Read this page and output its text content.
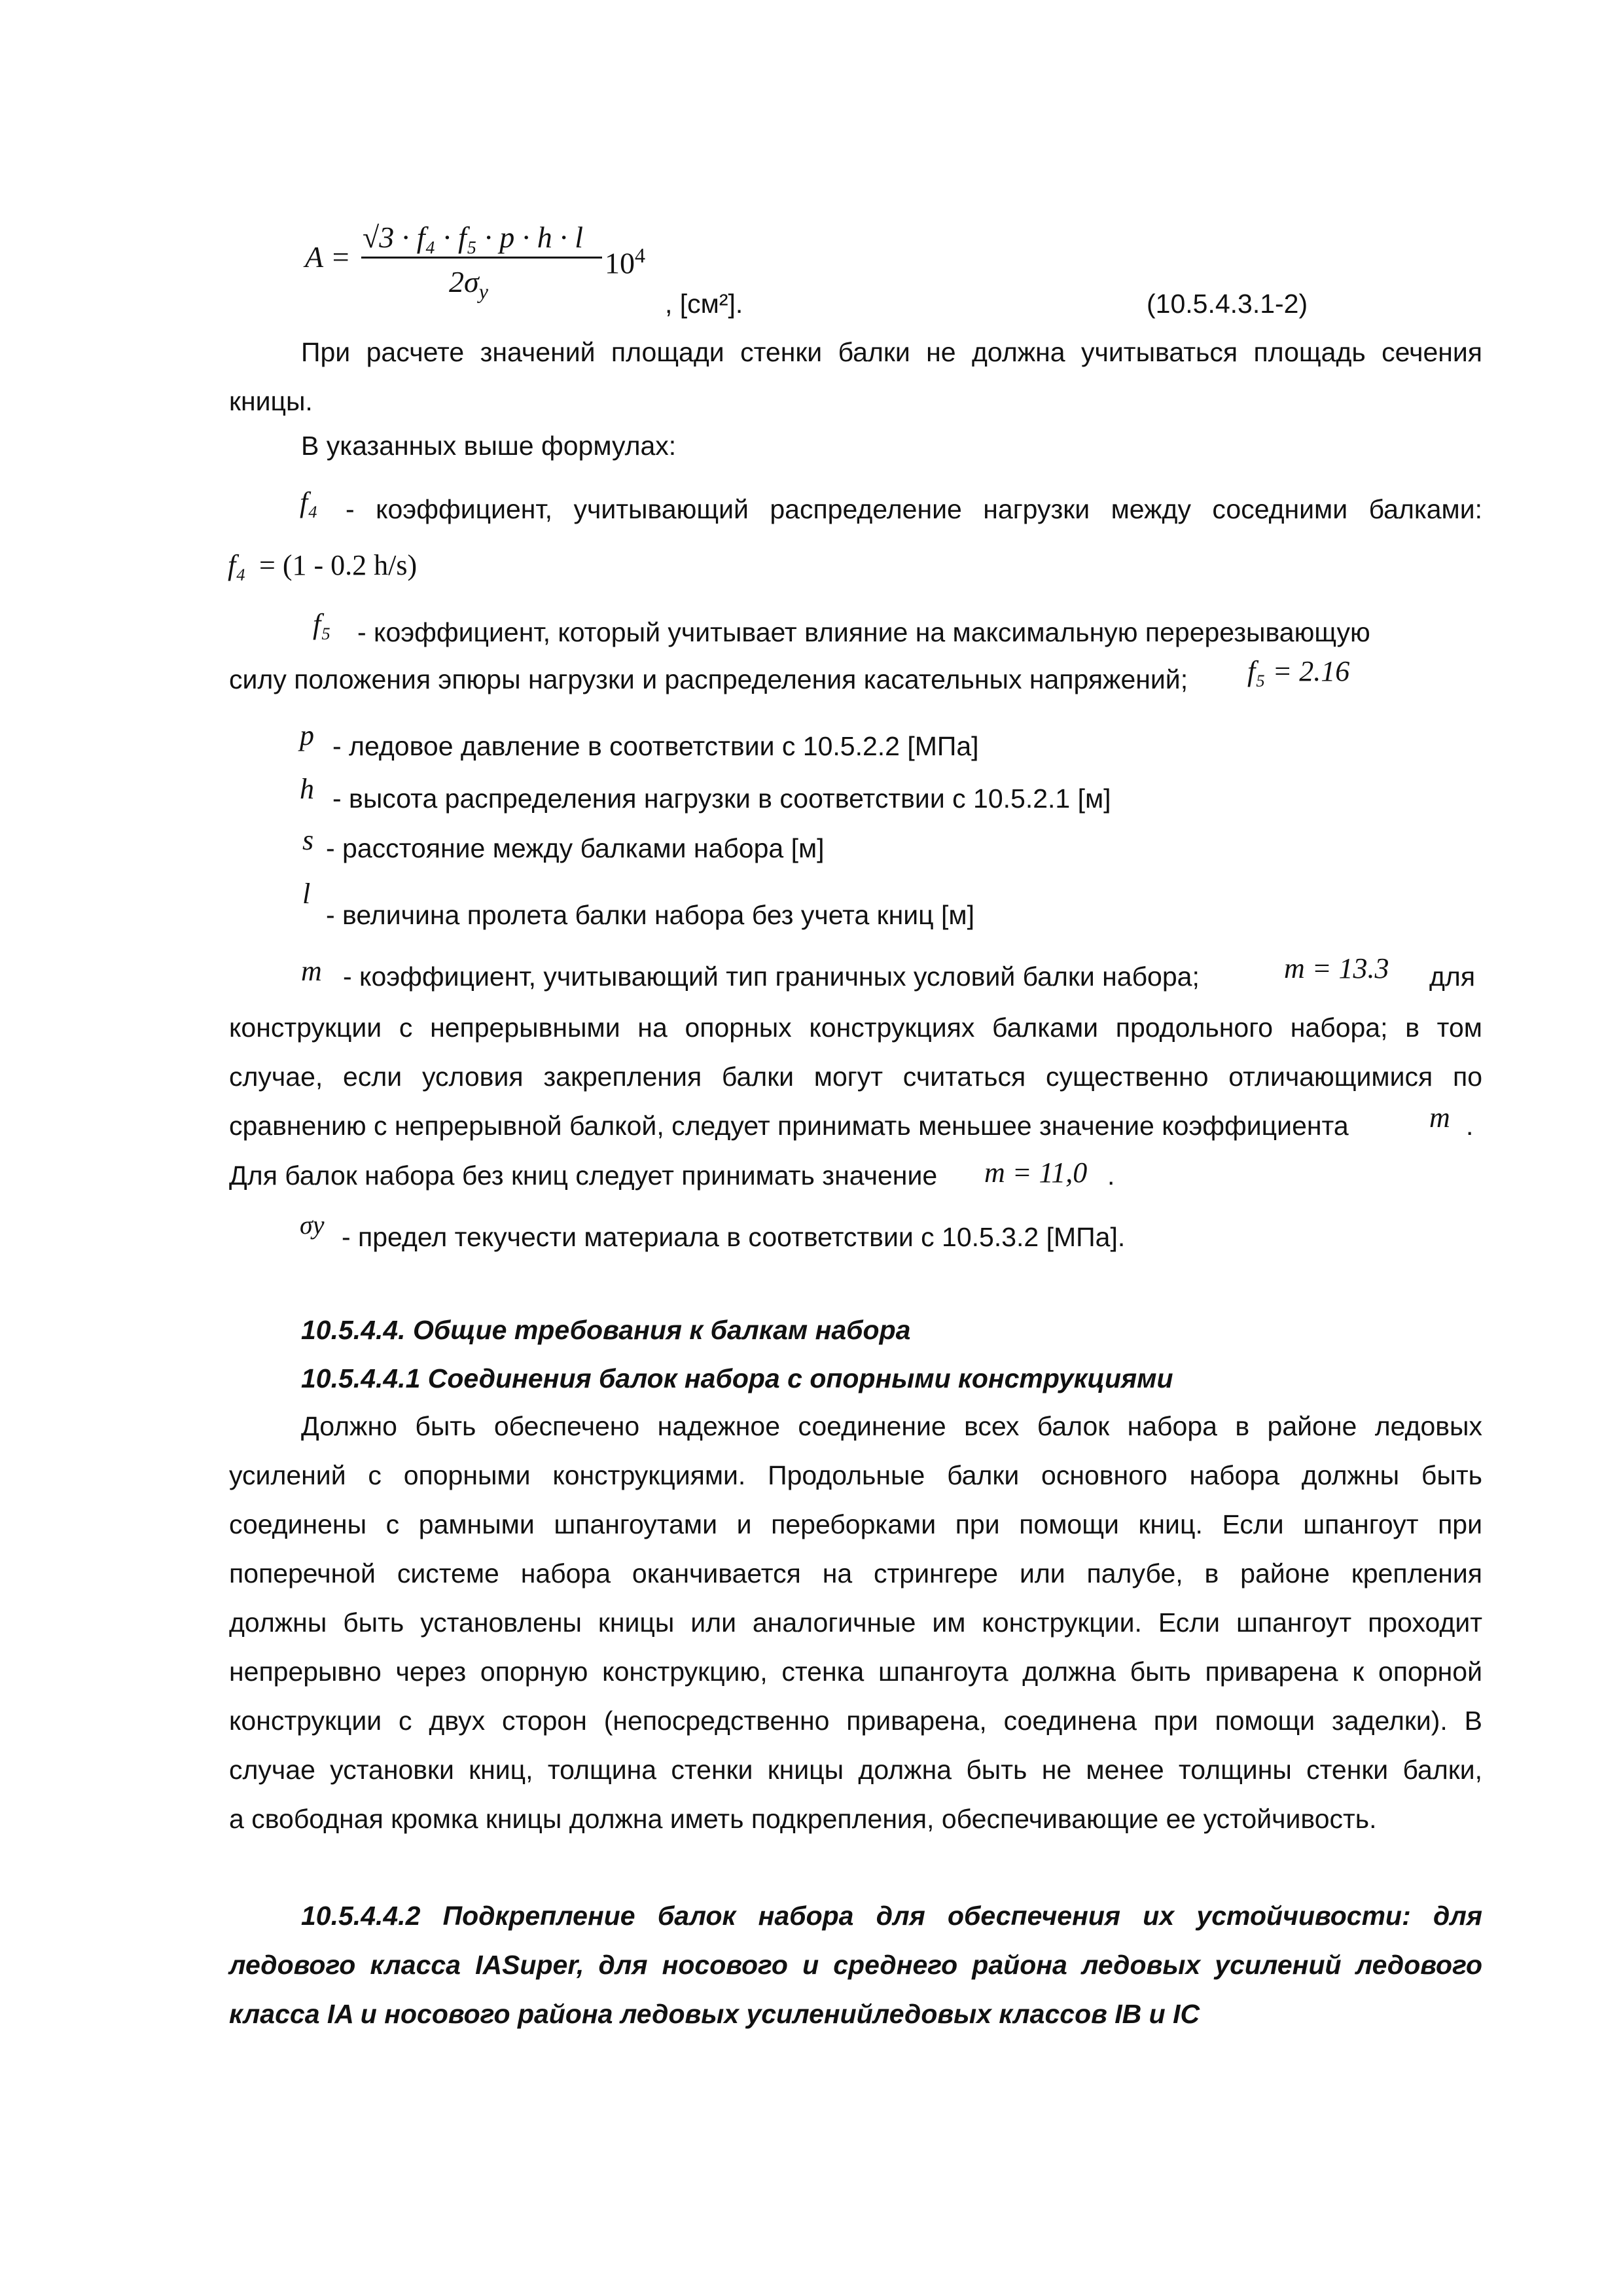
A =
√3 · f₄ · f₅ · p · h · l
$2\sigma_y$
$10^4$
, [см²].	(10.5.4.3.1-2)
При расчете значений площади стенки балки не должна учитываться площадь сечения
кницы.
В указанных выше формулах:
f₄ - коэффициент, учитывающий распределение нагрузки между соседними балками:
f₄ = (1 - 0.2 h/s)
f₅ - коэффициент, который учитывает влияние на максимальную перерезывающую
силу положения эпюры нагрузки и распределения касательных напряжений; f₅ = 2.16
p - ледовое давление в соответствии с 10.5.2.2 [МПа]
h - высота распределения нагрузки в соответствии с 10.5.2.1 [м]
s - расстояние между балками набора [м]
l
- величина пролета балки набора без учета книц [м]
m - коэффициент, учитывающий тип граничных условий балки набора;	m = 13.3 для
конструкции с непрерывными на опорных конструкциях балками продольного набора; в том
случае, если условия закрепления балки могут считаться существенно отличающимися по
сравнению с непрерывной балкой, следует принимать меньшее значение коэффициента	m .
Для балок набора без книц следует принимать значение m = 11,0 .
σy - предел текучести материала в соответствии с 10.5.3.2 [МПа].
10.5.4.4. Общие требования к балкам набора
10.5.4.4.1 Соединения балок набора с опорными конструкциями
Должно быть обеспечено надежное соединение всех балок набора в районе ледовых
усилений с опорными конструкциями. Продольные балки основного набора должны быть
соединены с рамными шпангоутами и переборками при помощи книц. Если шпангоут при
поперечной системе набора оканчивается на стрингере или палубе, в районе крепления
должны быть установлены кницы или аналогичные им конструкции. Если шпангоут проходит
непрерывно через опорную конструкцию, стенка шпангоута должна быть приварена к опорной
конструкции с двух сторон (непосредственно приварена, соединена при помощи заделки). В
случае установки книц, толщина стенки кницы должна быть не менее толщины стенки балки,
а свободная кромка кницы должна иметь подкрепления, обеспечивающие ее устойчивость.
10.5.4.4.2 Подкрепление балок набора для обеспечения их устойчивости: для
ледового класса IASuper, для носового и среднего района ледовых усилений ледового
класса IA и носового района ледовых усиленийледовых классов IB и IC
